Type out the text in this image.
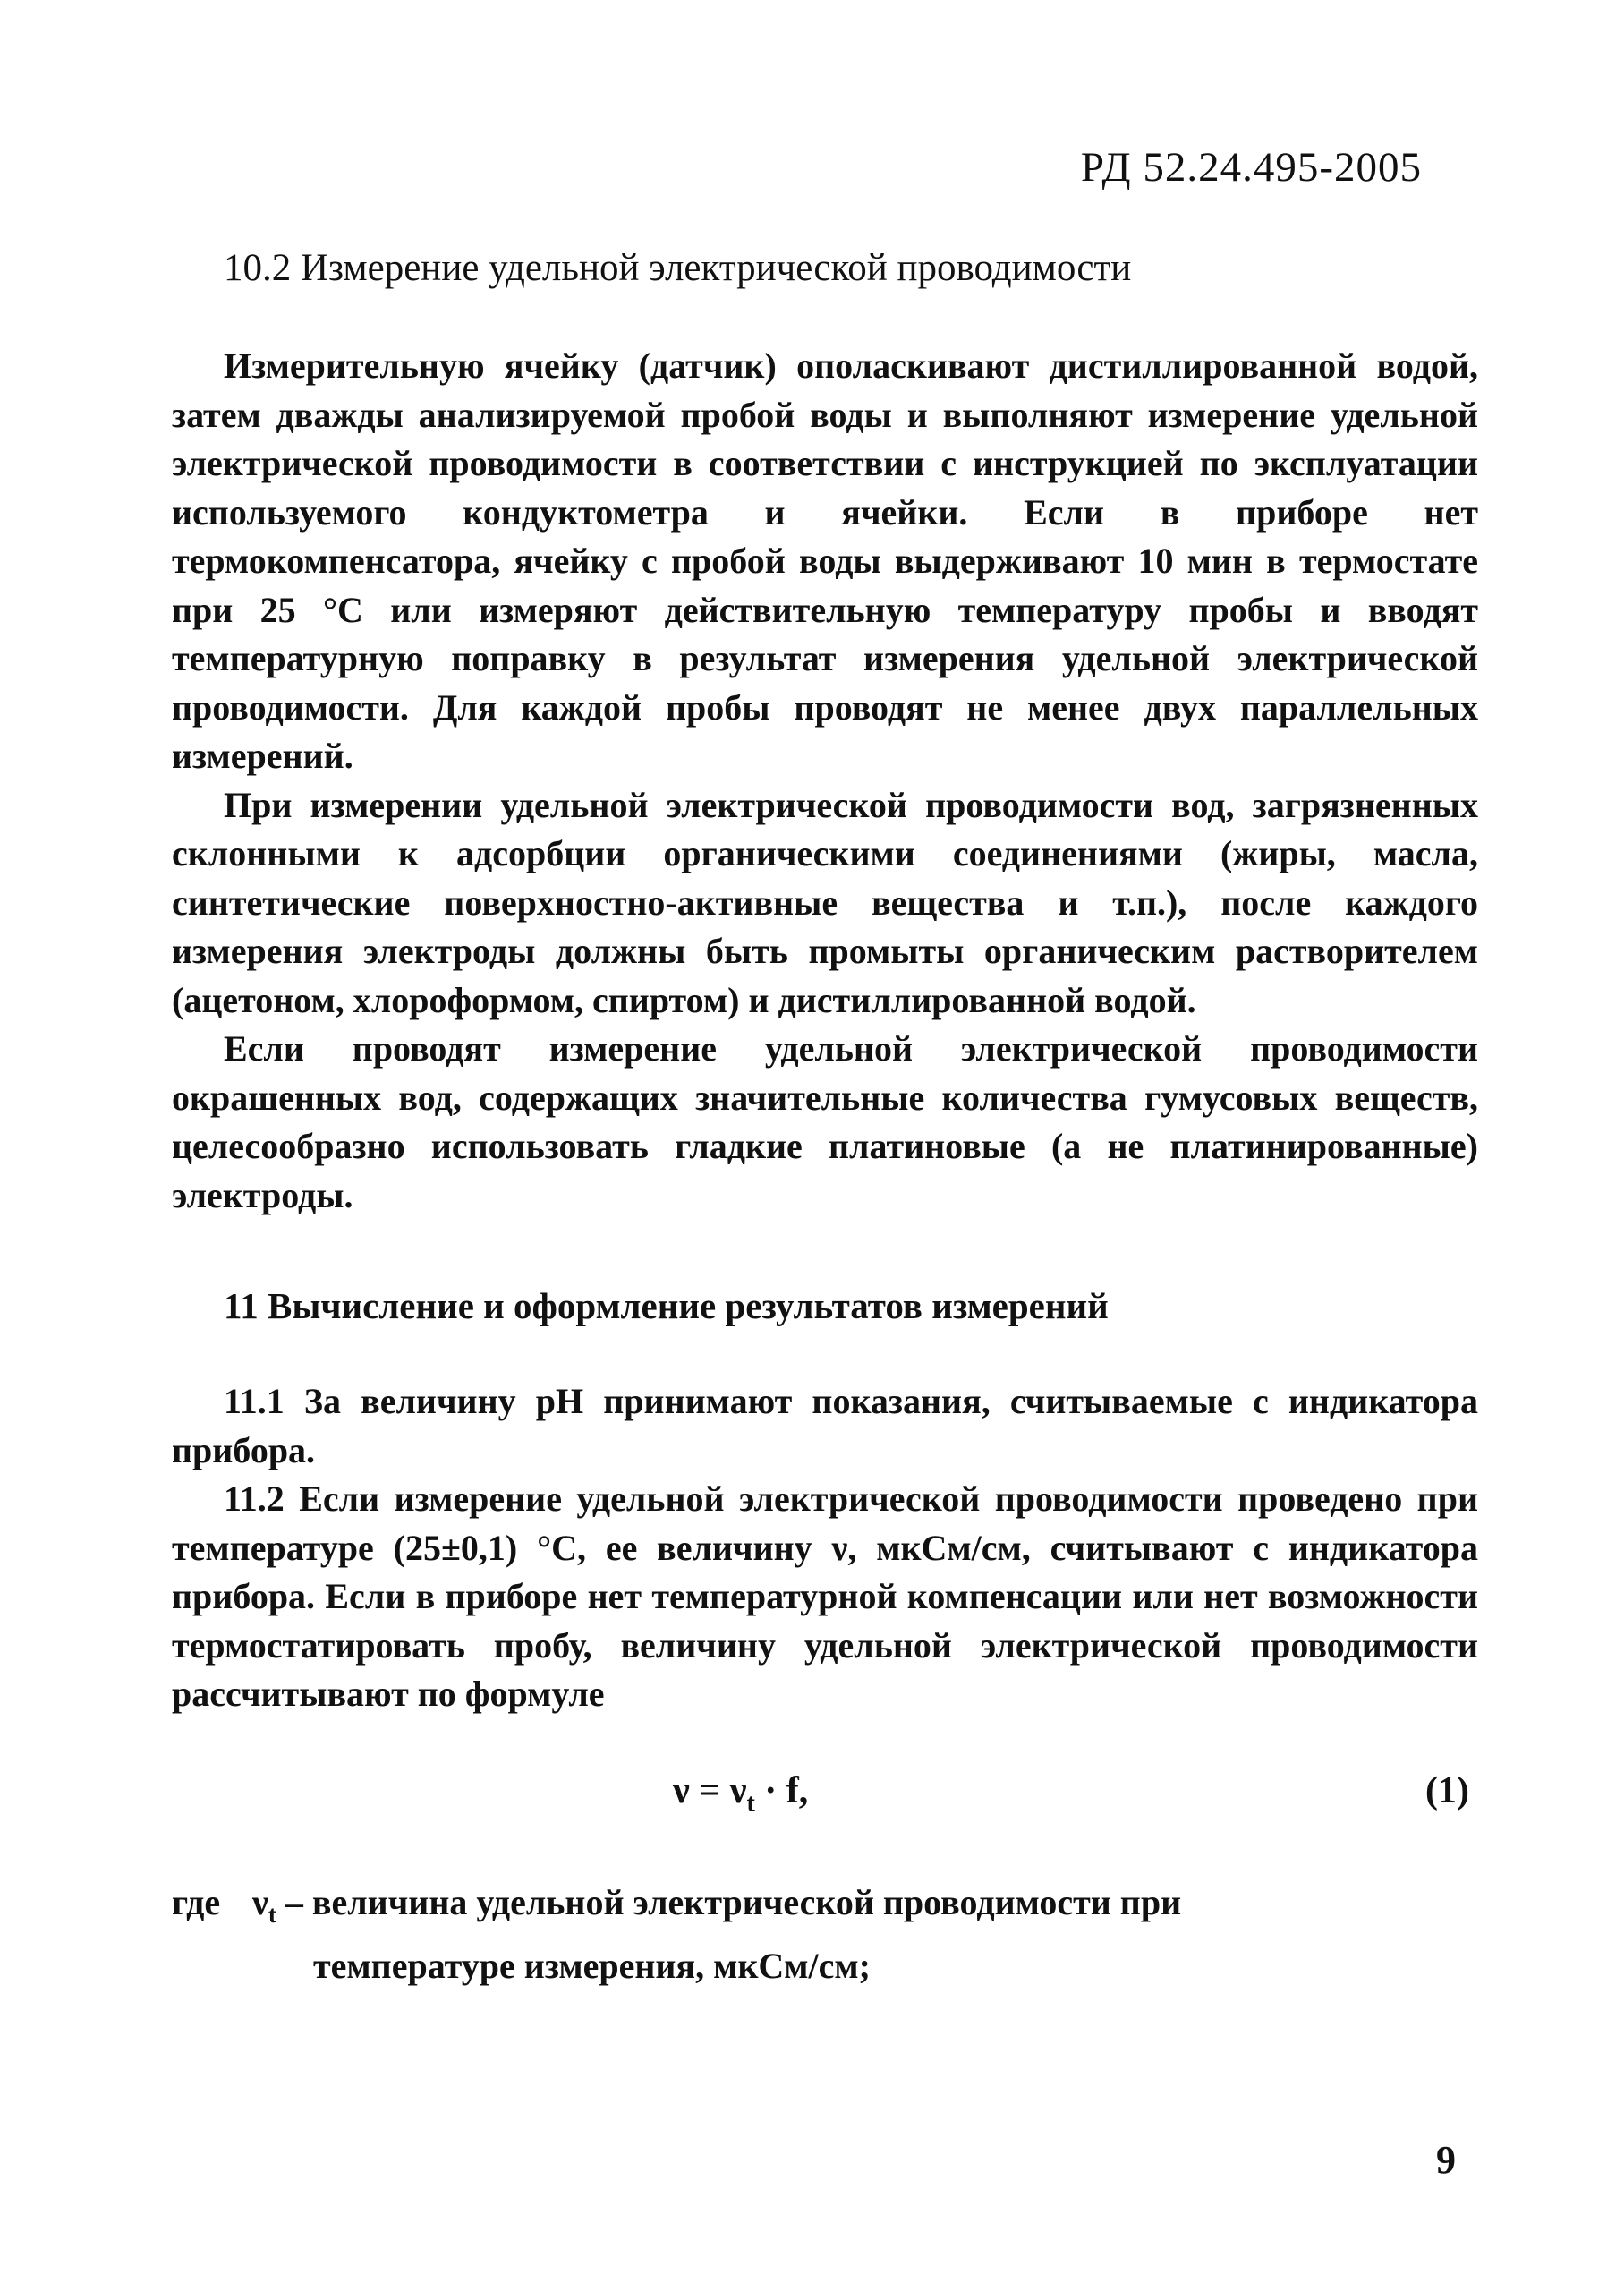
РД 52.24.495-2005
10.2 Измерение удельной электрической проводимости

Измерительную ячейку (датчик) ополаскивают дистиллированной водой, затем дважды анализируемой пробой воды и выполняют измерение удельной электрической проводимости в соответствии с инструкцией по эксплуатации используемого кондуктометра и ячейки. Если в приборе нет термокомпенсатора, ячейку с пробой воды выдерживают 10 мин в термостате при 25 °С или измеряют действительную температуру пробы и вводят температурную поправку в результат измерения удельной электрической проводимости. Для каждой пробы проводят не менее двух параллельных измерений.

При измерении удельной электрической проводимости вод, загрязненных склонными к адсорбции органическими соединениями (жиры, масла, синтетические поверхностно-активные вещества и т.п.), после каждого измерения электроды должны быть промыты органическим растворителем (ацетоном, хлороформом, спиртом) и дистиллированной водой.

Если проводят измерение удельной электрической проводимости окрашенных вод, содержащих значительные количества гумусовых веществ, целесообразно использовать гладкие платиновые (а не платинированные) электроды.

11 Вычисление и оформление результатов измерений

11.1 За величину pH принимают показания, считываемые с индикатора прибора.

11.2 Если измерение удельной электрической проводимости проведено при температуре (25±0,1) °С, ее величину ν, мкСм/см, считывают с индикатора прибора. Если в приборе нет температурной компенсации или нет возможности термостатировать пробу, величину удельной электрической проводимости рассчитывают по формуле

$\nu = \nu_t \cdot f$,	(1)
где $\nu_t$ – величина удельной электрической проводимости при
температуре измерения, мкСм/см;
9
